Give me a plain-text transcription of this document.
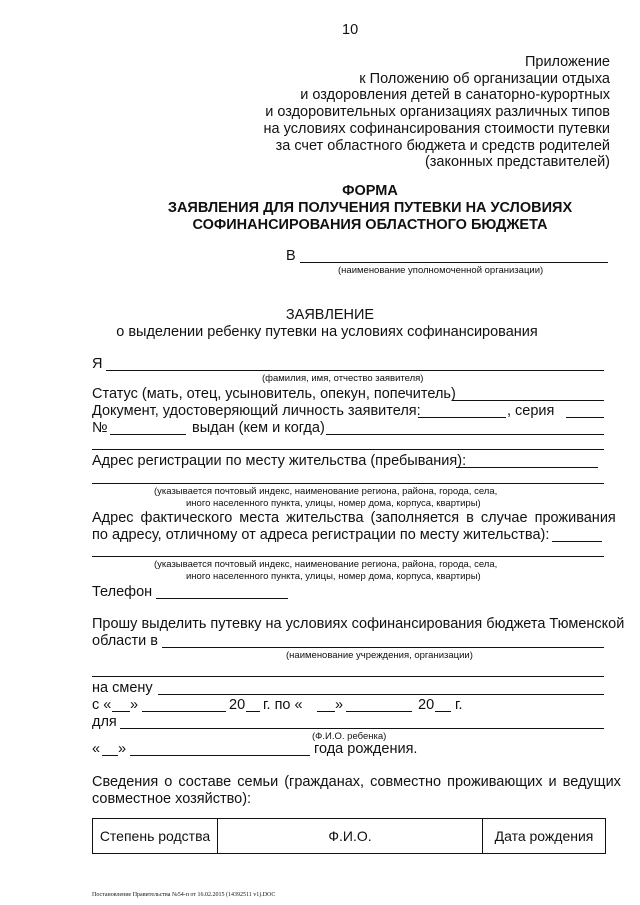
10
Приложение
к Положению об организации отдыха
и оздоровления детей в санаторно-курортных
и оздоровительных организациях различных типов
на условиях софинансирования стоимости путевки
за счет областного бюджета и средств родителей
(законных представителей)
ФОРМА
ЗАЯВЛЕНИЯ ДЛЯ ПОЛУЧЕНИЯ ПУТЕВКИ НА УСЛОВИЯХ
СОФИНАНСИРОВАНИЯ ОБЛАСТНОГО БЮДЖЕТА
В
(наименование уполномоченной организации)
ЗАЯВЛЕНИЕ
о выделении ребенку путевки на условиях софинансирования
Я
(фамилия, имя, отчество заявителя)
Статус (мать, отец, усыновитель, опекун, попечитель)
Документ, удостоверяющий личность заявителя:	, серия
№	выдан (кем и когда)
Адрес регистрации по месту жительства (пребывания):
(указывается почтовый индекс, наименование региона, района, города, села,
иного населенного пункта, улицы, номер дома, корпуса, квартиры)
Адрес фактического места жительства (заполняется в случае проживания
по адресу, отличному от адреса регистрации по месту жительства):
(указывается почтовый индекс, наименование региона, района, города, села,
иного населенного пункта, улицы, номер дома, корпуса, квартиры)
Телефон
Прошу выделить путевку на условиях софинансирования бюджета Тюменской
области в
(наименование учреждения, организации)
на смену
с « »	20 г. по « »	20 г.
для
(Ф.И.О. ребенка)
« »	года рождения.
Сведения о составе семьи (гражданах, совместно проживающих и ведущих
совместное хозяйство):
Степень родства	Ф.И.О.	Дата рождения
Постановление Правительства №54-п от 16.02.2015 (14392511 v1).DOC
